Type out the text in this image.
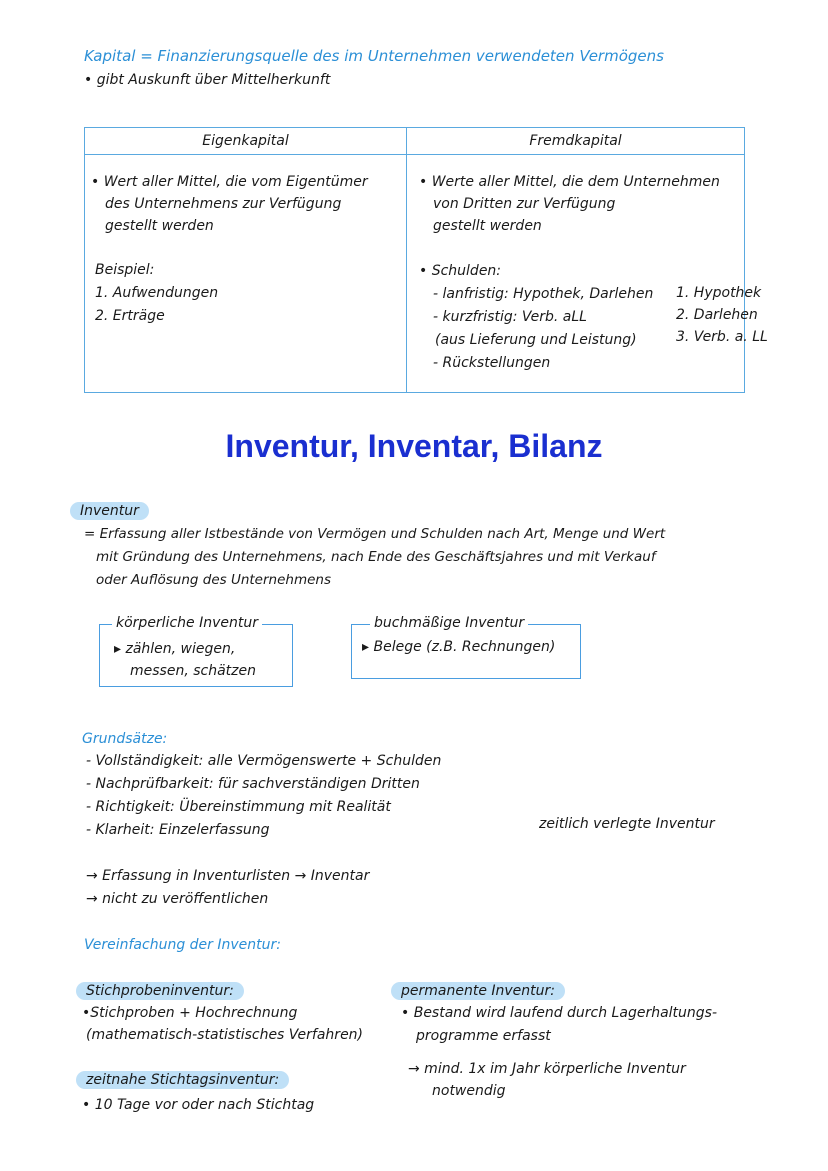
Kapital = Finanzierungsquelle des im Unternehmen verwendeten Vermögens
• gibt Auskunft über Mittelherkunft
Eigenkapital	Fremdkapital
• Wert aller Mittel, die vom Eigentümer
des Unternehmens zur Verfügung
gestellt werden
Beispiel:
1. Aufwendungen
2. Erträge
• Werte aller Mittel, die dem Unternehmen
von Dritten zur Verfügung
gestellt werden
• Schulden:
- lanfristig: Hypothek, Darlehen
- kurzfristig: Verb. aLL
(aus Lieferung und Leistung)
- Rückstellungen
1. Hypothek
2. Darlehen
3. Verb. a. LL
Inventur, Inventar, Bilanz
Inventur
= Erfassung aller Istbestände von Vermögen und Schulden nach Art, Menge und Wert
mit Gründung des Unternehmens, nach Ende des Geschäftsjahres und mit Verkauf
oder Auflösung des Unternehmens
körperliche Inventur
▸ zählen, wiegen,
messen, schätzen
buchmäßige Inventur
▸ Belege (z.B. Rechnungen)
Grundsätze:
- Vollständigkeit: alle Vermögenswerte + Schulden
- Nachprüfbarkeit: für sachverständigen Dritten
- Richtigkeit: Übereinstimmung mit Realität
- Klarheit: Einzelerfassung	zeitlich verlegte Inventur
→ Erfassung in Inventurlisten → Inventar
→ nicht zu veröffentlichen
Vereinfachung der Inventur:
Stichprobeninventur:
•Stichproben + Hochrechnung
(mathematisch-statistisches Verfahren)
zeitnahe Stichtagsinventur:
• 10 Tage vor oder nach Stichtag
permanente Inventur:
• Bestand wird laufend durch Lagerhaltungs-
programme erfasst
→ mind. 1x im Jahr körperliche Inventur
notwendig
